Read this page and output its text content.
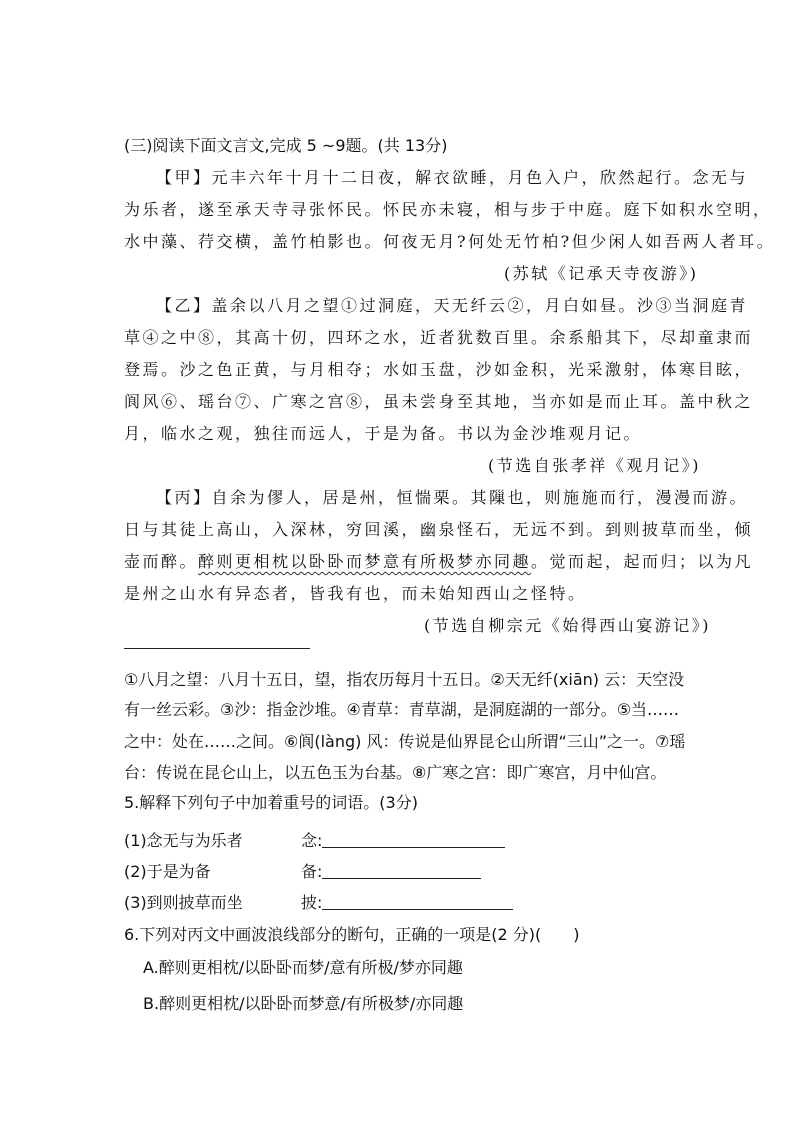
(三)阅读下面文言文,完成 5 ~9题。(共 13分)
【甲】元丰六年十月十二日夜，解衣欲睡，月色入户，欣然起行。念无与
为乐者，遂至承天寺寻张怀民。怀民亦未寝，相与步于中庭。庭下如积水空明，
水中藻、荇交横，盖竹柏影也。何夜无月?何处无竹柏?但少闲人如吾两人者耳。
(苏轼《记承天寺夜游》)
【乙】盖余以八月之望①过洞庭，天无纤云②，月白如昼。沙③当洞庭青
草④之中⑧，其高十仞，四环之水，近者犹数百里。余系船其下，尽却童隶而
登焉。沙之色正黄，与月相夺；水如玉盘，沙如金积，光采激射，体寒目眩，
阆风⑥、瑶台⑦、广寒之宫⑧，虽未尝身至其地，当亦如是而止耳。盖中秋之
月，临水之观，独往而远人，于是为备。书以为金沙堆观月记。
(节选自张孝祥《观月记》)
【丙】自余为僇人，居是州，恒惴栗。其隟也，则施施而行，漫漫而游。
日与其徒上高山，入深林，穷回溪，幽泉怪石，无远不到。到则披草而坐，倾
壶而醉。醉则更相枕以卧卧而梦意有所极梦亦同趣。觉而起，起而归；以为凡
是州之山水有异态者，皆我有也，而未始知西山之怪特。
(节选自柳宗元《始得西山宴游记》)
①八月之望：八月十五日，望，指农历每月十五日。②天无纤(xiān) 云：天空没
有一丝云彩。③沙：指金沙堆。④青草：青草湖，是洞庭湖的一部分。⑤当……
之中：处在……之间。⑥阆(làng) 风：传说是仙界昆仑山所谓“三山”之一。⑦瑶
台：传说在昆仑山上，以五色玉为台基。⑧广寒之宫：即广寒宫，月中仙宫。
5.解释下列句子中加着重号的词语。(3分)
(1)念无与为乐者	念:
(2)于是为备	备:
(3)到则披草而坐	披:
6.下列对丙文中画波浪线部分的断句，正确的一项是(2 分)(　　)
A.醉则更相枕/以卧卧而梦/意有所极/梦亦同趣
B.醉则更相枕/以卧卧而梦意/有所极梦/亦同趣
